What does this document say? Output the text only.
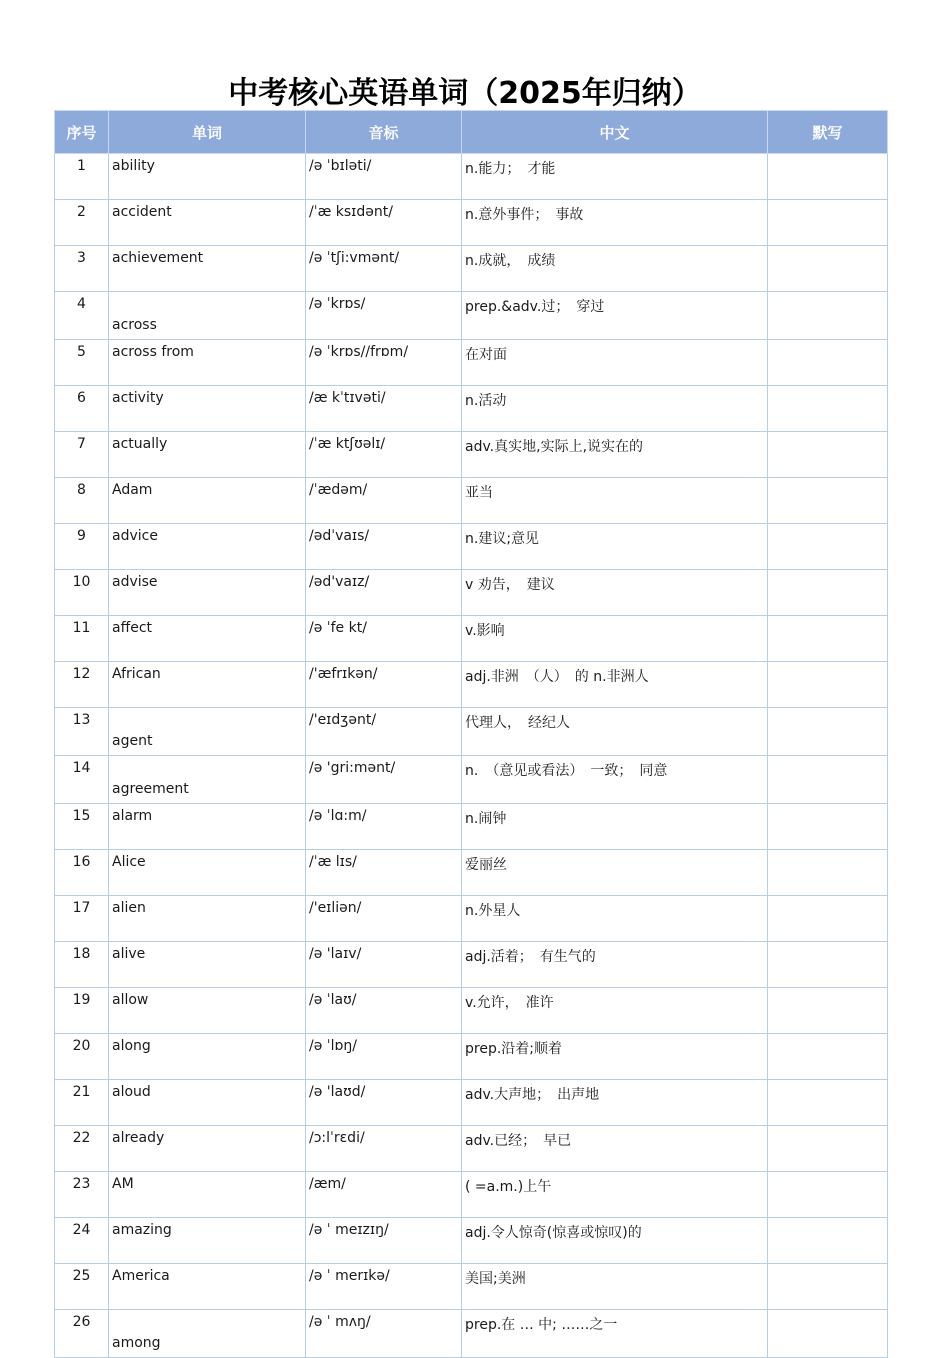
中考核心英语单词（2025年归纳）
序号	单词	音标	中文	默写
1	ability	/ə ˈbɪləti/	n.能力；　才能	
2	accident	/ˈæ ksɪdənt/	n.意外事件；　事故	
3	achievement	/ə ˈtʃi:vmənt/	n.成就，　成绩	
4	across	/ə ˈkrɒs/	prep.&adv.过；　穿过	
5	across from	/ə ˈkrɒs//frɒm/	在对面	
6	activity	/æ kˈtɪvəti/	n.活动	
7	actually	/ˈæ ktʃʊəlɪ/	adv.真实地,实际上,说实在的	
8	Adam	/ˈædəm/	亚当	
9	advice	/ədˈvaɪs/	n.建议;意见	
10	advise	/əd'vaɪz/	v 劝告，　建议	
11	affect	/ə ˈfe kt/	v.影响	
12	African	/'æfrɪkən/	adj.非洲　（人）　的 n.非洲人	
13	agent	/'eɪdʒənt/	代理人，　经纪人	
14	agreement	/ə 'gri:mənt/	n.　（意见或看法）　一致；　同意	
15	alarm	/ə ˈlɑ:m/	n.闹钟	
16	Alice	/ˈæ lɪs/	爱丽丝	
17	alien	/'eɪliən/	n.外星人	
18	alive	/ə 'laɪv/	adj.活着；　有生气的	
19	allow	/ə ˈlaʊ/	v.允许，　准许	
20	along	/ə ˈlɒŋ/	prep.沿着;顺着	
21	aloud	/ə 'laʊd/	adv.大声地；　出声地	
22	already	/ɔ:lˈrɛdi/	adv.已经；　早已	
23	AM	/æm/	( =a.m.)上午	
24	amazing	/ə ˈ meɪzɪŋ/	adj.令人惊奇(惊喜或惊叹)的	
25	America	/ə ˈ merɪkə/	美国;美洲	
26	among	/ə ˈ mʌŋ/	prep.在 … 中; ……之一	
